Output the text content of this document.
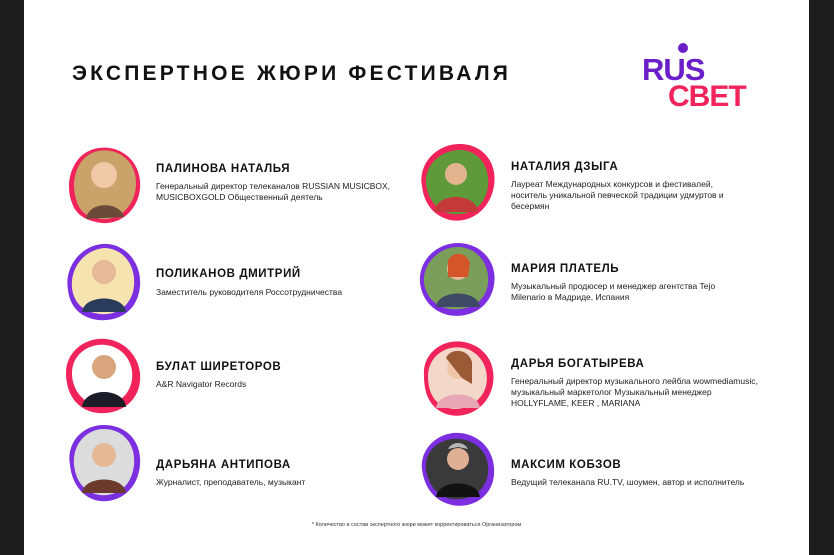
ЭКСПЕРТНОЕ ЖЮРИ ФЕСТИВАЛЯ	RUS
СВЕТ
ПАЛИНОВА НАТАЛЬЯ
Генеральный директор телеканалов RUSSIAN MUSICBOX, MUSICBOXGOLD Общественный деятель
ПОЛИКАНОВ ДМИТРИЙ
Заместитель руководителя Россотрудничества
БУЛАТ ШИРЕТОРОВ
A&R Navigator Records
ДАРЬЯНА АНТИПОВА
Журналист, преподаватель, музыкант
НАТАЛИЯ ДЗЫГА
Лауреат Международных конкурсов и фестивалей, носитель уникальной певческой традиции удмуртов и бесермян
МАРИЯ ПЛАТЕЛЬ
Музыкальный продюсер и менеджер агентства Tejo Milenario в Мадриде, Испания
ДАРЬЯ БОГАТЫРЕВА
Генеральный директор музыкального лейбла wowmediamusic, музыкальный маркетолог Музыкальный менеджер HOLLYFLAME, KEER , MARIANA
МАКСИМ КОБЗОВ
Ведущий телеканала RU.TV, шоумен, автор и исполнитель
* Количество и состав экспертного жюри может корректироваться Организатором
